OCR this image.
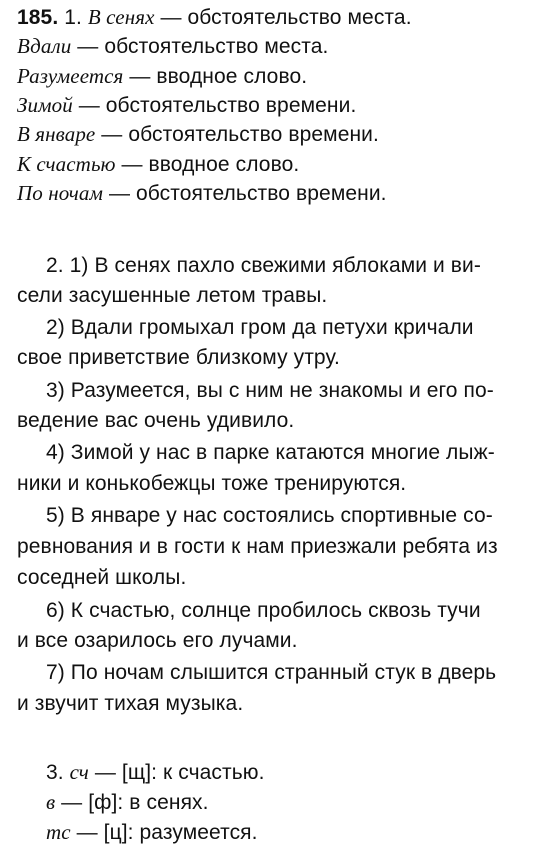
185. 1. В сенях — обстоятельство места.
Вдали — обстоятельство места.
Разумеется — вводное слово.
Зимой — обстоятельство времени.
В январе — обстоятельство времени.
К счастью — вводное слово.
По ночам — обстоятельство времени.
2. 1) В сенях пахло свежими яблоками и ви-
сели засушенные летом травы.
2) Вдали громыхал гром да петухи кричали
свое приветствие близкому утру.
3) Разумеется, вы с ним не знакомы и его по-
ведение вас очень удивило.
4) Зимой у нас в парке катаются многие лыж-
ники и конькобежцы тоже тренируются.
5) В январе у нас состоялись спортивные со-
ревнования и в гости к нам приезжали ребята из
соседней школы.
6) К счастью, солнце пробилось сквозь тучи
и все озарилось его лучами.
7) По ночам слышится странный стук в дверь
и звучит тихая музыка.
3. сч — [щ]: к счастью.
в — [ф]: в сенях.
тс — [ц]: разумеется.
